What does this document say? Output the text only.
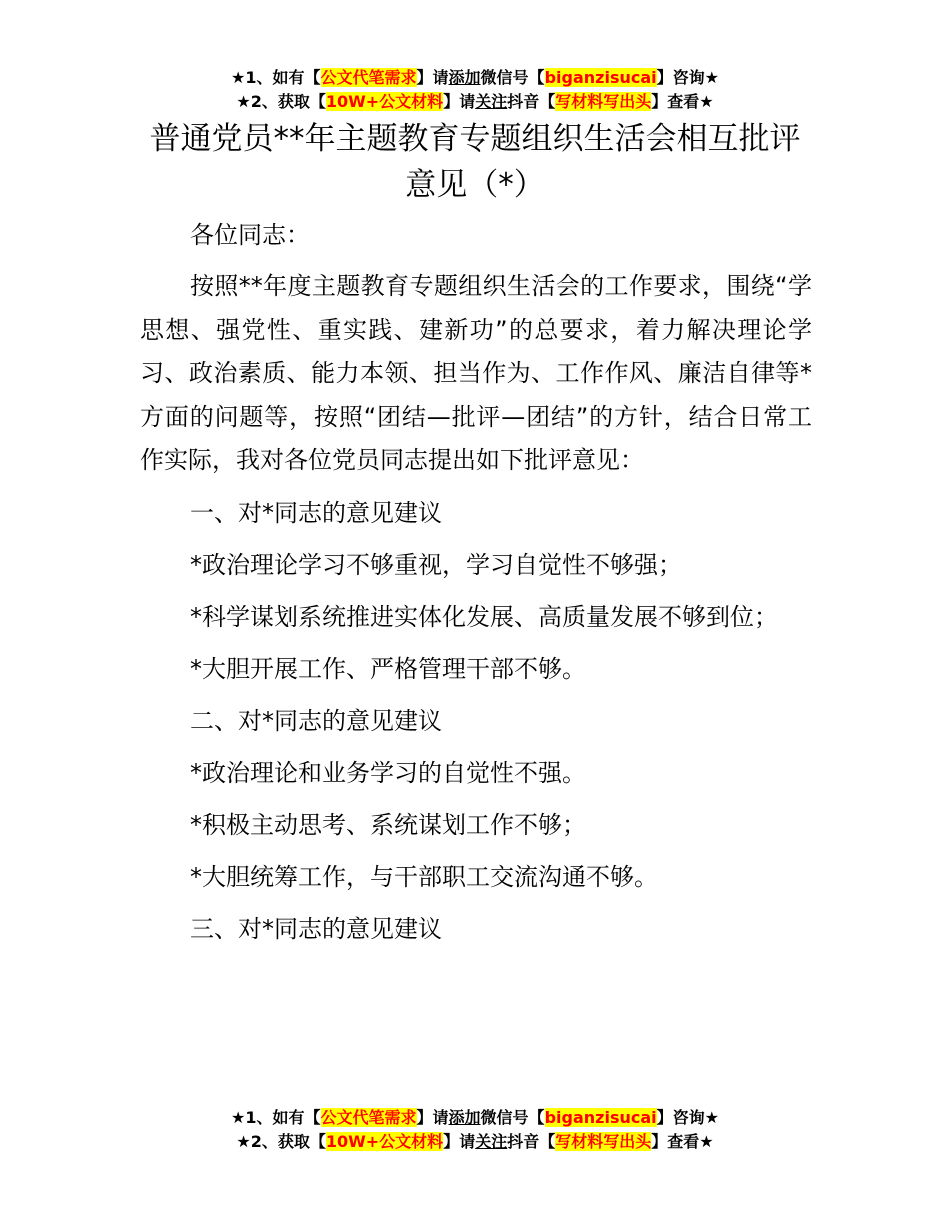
★1、如有【公文代笔需求】请添加微信号【biganzisucai】咨询★
★2、获取【10W+公文材料】请关注抖音【写材料写出头】查看★
普通党员**年主题教育专题组织生活会相互批评意见（*）

各位同志：

按照**年度主题教育专题组织生活会的工作要求，围绕“学思想、强党性、重实践、建新功”的总要求，着力解决理论学习、政治素质、能力本领、担当作为、工作作风、廉洁自律等*方面的问题等，按照“团结—批评—团结”的方针，结合日常工作实际，我对各位党员同志提出如下批评意见：

一、对*同志的意见建议

*政治理论学习不够重视，学习自觉性不够强；

*科学谋划系统推进实体化发展、高质量发展不够到位；

*大胆开展工作、严格管理干部不够。

二、对*同志的意见建议

*政治理论和业务学习的自觉性不强。

*积极主动思考、系统谋划工作不够；

*大胆统筹工作，与干部职工交流沟通不够。

三、对*同志的意见建议

★1、如有【公文代笔需求】请添加微信号【biganzisucai】咨询★
★2、获取【10W+公文材料】请关注抖音【写材料写出头】查看★
